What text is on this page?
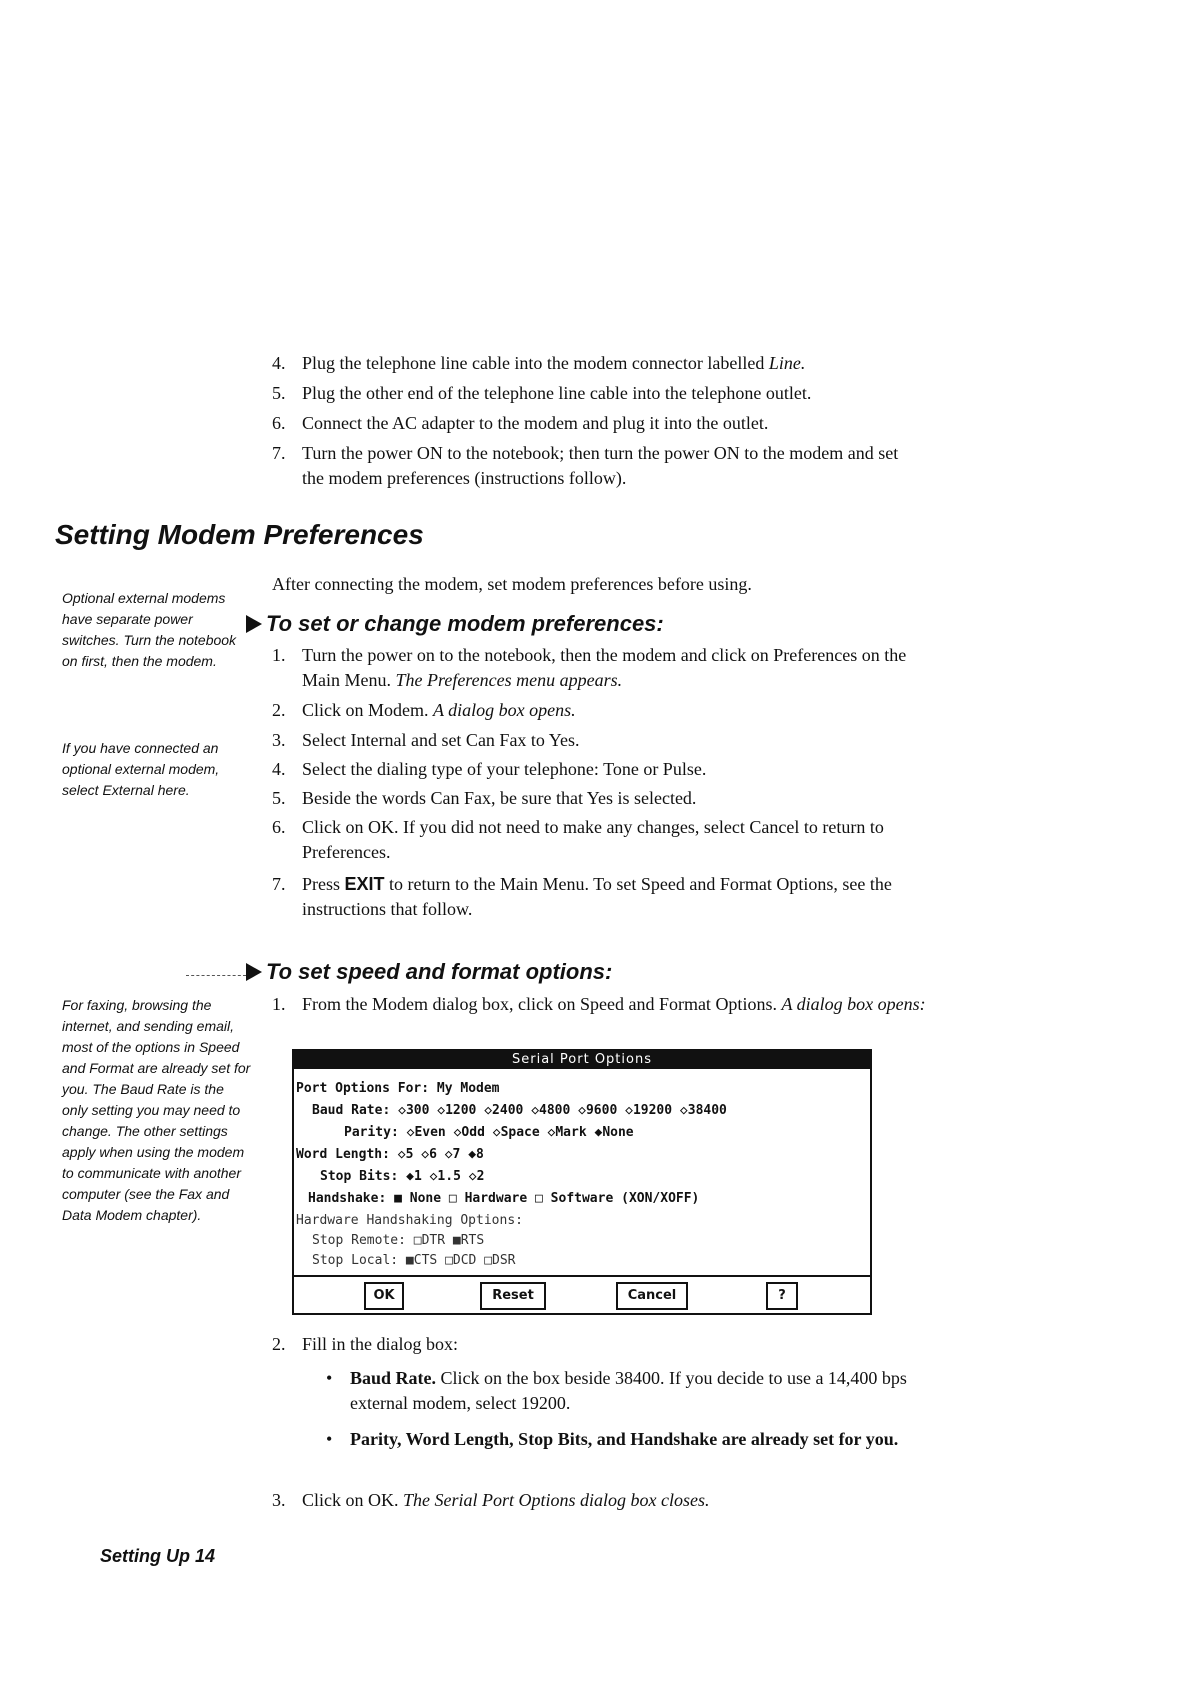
4. Plug the telephone line cable into the modem connector labelled Line.
5. Plug the other end of the telephone line cable into the telephone outlet.
6. Connect the AC adapter to the modem and plug it into the outlet.
7. Turn the power ON to the notebook; then turn the power ON to the modem and set the modem preferences (instructions follow).
Setting Modem Preferences
After connecting the modem, set modem preferences before using.
Optional external modems have separate power switches. Turn the notebook on first, then the modem.
If you have connected an optional external modem, select External here.
For faxing, browsing the internet, and sending email, most of the options in Speed and Format are already set for you. The Baud Rate is the only setting you may need to change. The other settings apply when using the modem to communicate with another computer (see the Fax and Data Modem chapter).
To set or change modem preferences:
1. Turn the power on to the notebook, then the modem and click on Preferences on the Main Menu. The Preferences menu appears.
2. Click on Modem. A dialog box opens.
3. Select Internal and set Can Fax to Yes.
4. Select the dialing type of your telephone: Tone or Pulse.
5. Beside the words Can Fax, be sure that Yes is selected.
6. Click on OK. If you did not need to make any changes, select Cancel to return to Preferences.
7. Press EXIT to return to the Main Menu. To set Speed and Format Options, see the instructions that follow.
To set speed and format options:
1. From the Modem dialog box, click on Speed and Format Options. A dialog box opens:
Serial Port Options
Port Options For: My Modem
Baud Rate: ◇300 ◇1200 ◇2400 ◇4800 ◇9600 ◇19200 ◇38400
Parity: ◇Even ◇Odd ◇Space ◇Mark ◆None
Word Length: ◇5 ◇6 ◇7 ◆8
Stop Bits: ◆1 ◇1.5 ◇2
Handshake: ■ None □ Hardware □ Software (XON/XOFF)
Hardware Handshaking Options:
Stop Remote: □DTR ■RTS
Stop Local: ■CTS □DCD □DSR
OK	Reset	Cancel	?
2. Fill in the dialog box:
• Baud Rate. Click on the box beside 38400. If you decide to use a 14,400 bps external modem, select 19200.
• Parity, Word Length, Stop Bits, and Handshake are already set for you.
3. Click on OK. The Serial Port Options dialog box closes.
Setting Up 14
